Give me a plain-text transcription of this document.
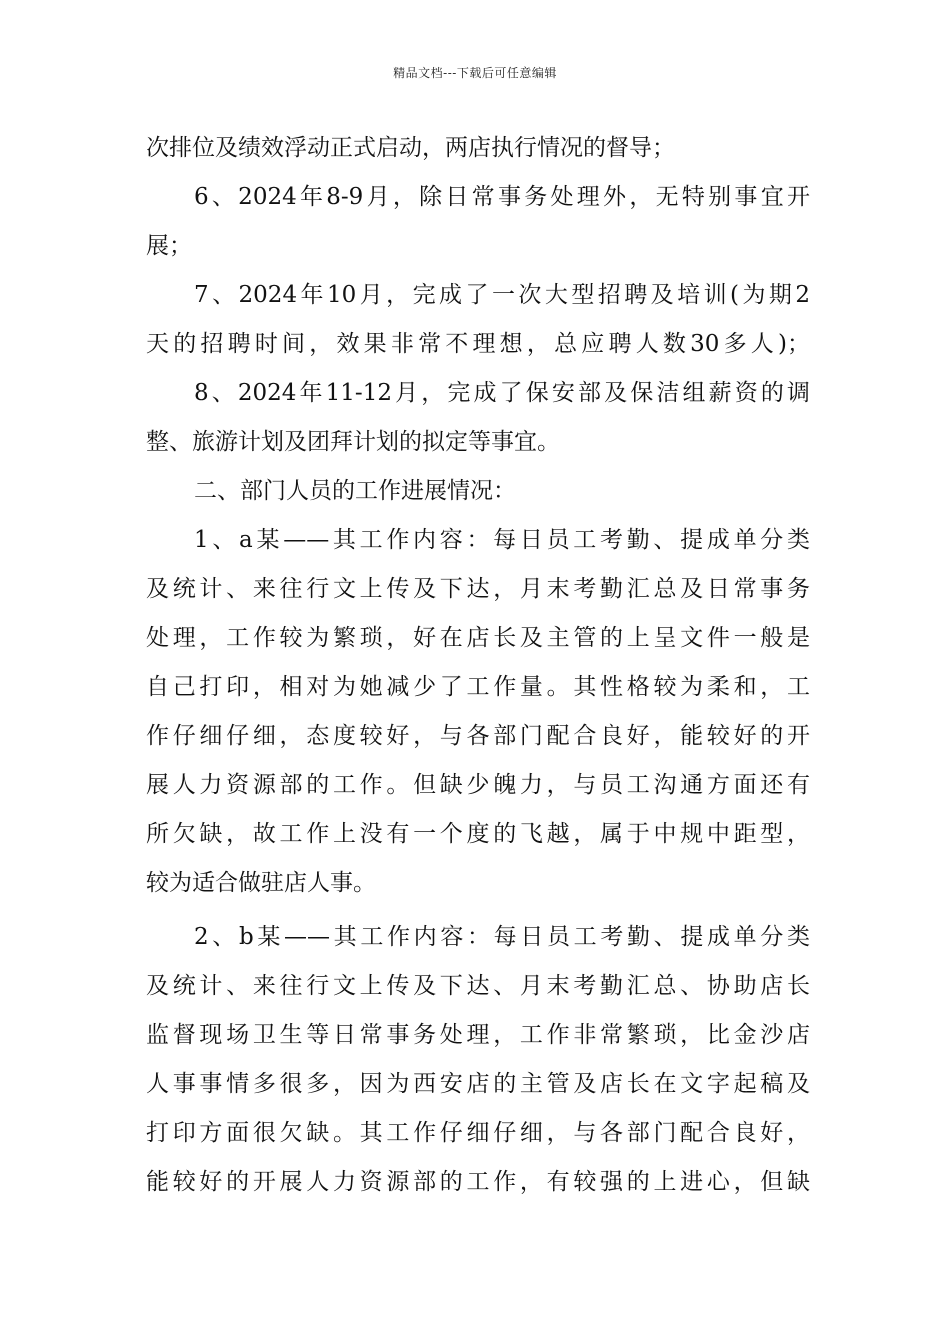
精品文档---下载后可任意编辑
次排位及绩效浮动正式启动，两店执行情况的督导；
6、2024年8-9月，除日常事务处理外，无特别事宜开
展；
7、2024年10月，完成了一次大型招聘及培训(为期2
天的招聘时间，效果非常不理想，总应聘人数30多人)；
8、2024年11-12月，完成了保安部及保洁组薪资的调
整、旅游计划及团拜计划的拟定等事宜。
二、部门人员的工作进展情况：
1、a某——其工作内容：每日员工考勤、提成单分类
及统计、来往行文上传及下达，月末考勤汇总及日常事务
处理，工作较为繁琐，好在店长及主管的上呈文件一般是
自己打印，相对为她减少了工作量。其性格较为柔和，工
作仔细仔细，态度较好，与各部门配合良好，能较好的开
展人力资源部的工作。但缺少魄力，与员工沟通方面还有
所欠缺，故工作上没有一个度的飞越，属于中规中距型，
较为适合做驻店人事。
2、b某——其工作内容：每日员工考勤、提成单分类
及统计、来往行文上传及下达、月末考勤汇总、协助店长
监督现场卫生等日常事务处理，工作非常繁琐，比金沙店
人事事情多很多，因为西安店的主管及店长在文字起稿及
打印方面很欠缺。其工作仔细仔细，与各部门配合良好，
能较好的开展人力资源部的工作，有较强的上进心，但缺
